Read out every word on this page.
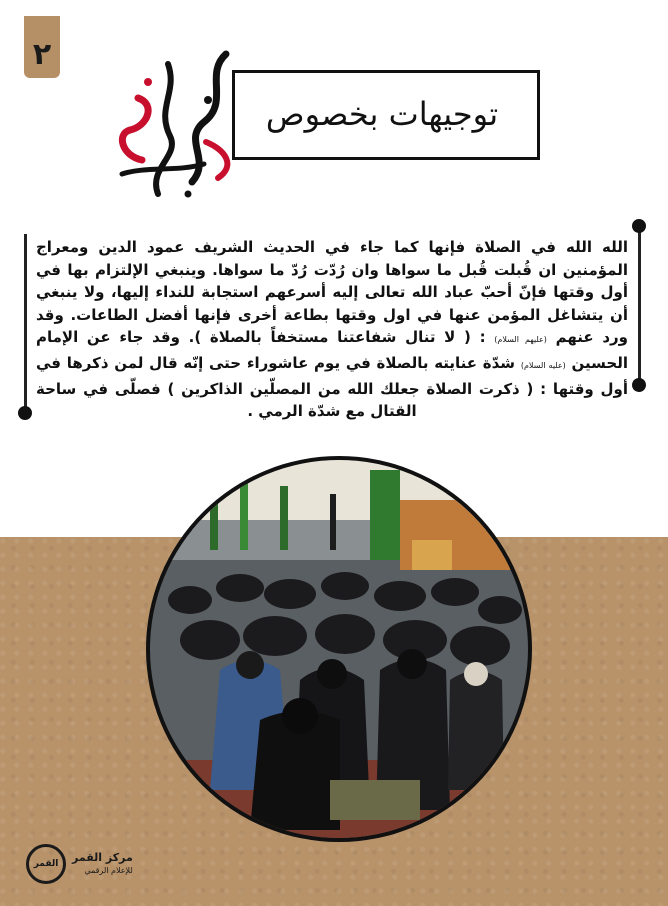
٢
توجيهات بخصوص
زيارة الأربعين

الله الله في الصلاة فإنها كما جاء في الحديث الشريف عمود الدين ومعراج المؤمنين ان قُبلت قُبل ما سواها وان رُدّت رُدّ ما سواها. وينبغي الإلتزام بها في أول وقتها فإنّ أحبّ عباد الله تعالى إليه أسرعهم استجابة للنداء إليها، ولا ينبغي أن يتشاغل المؤمن عنها في اول وقتها بطاعة أخرى فإنها أفضل الطاعات. وقد ورد عنهم (عليهم السلام) : ( لا تنال شفاعتنا مستخفاً بالصلاة ). وقد جاء عن الإمام الحسين (عليه السلام) شدّة عنايته بالصلاة في يوم عاشوراء حتى إنّه قال لمن ذكرها في أول وقتها : ( ذكرت الصلاة جعلك الله من المصلّين الذاكرين ) فصلّى في ساحة القتال مع شدّة الرمي .

القمر مركز القمر
للإعلام الرقمي
